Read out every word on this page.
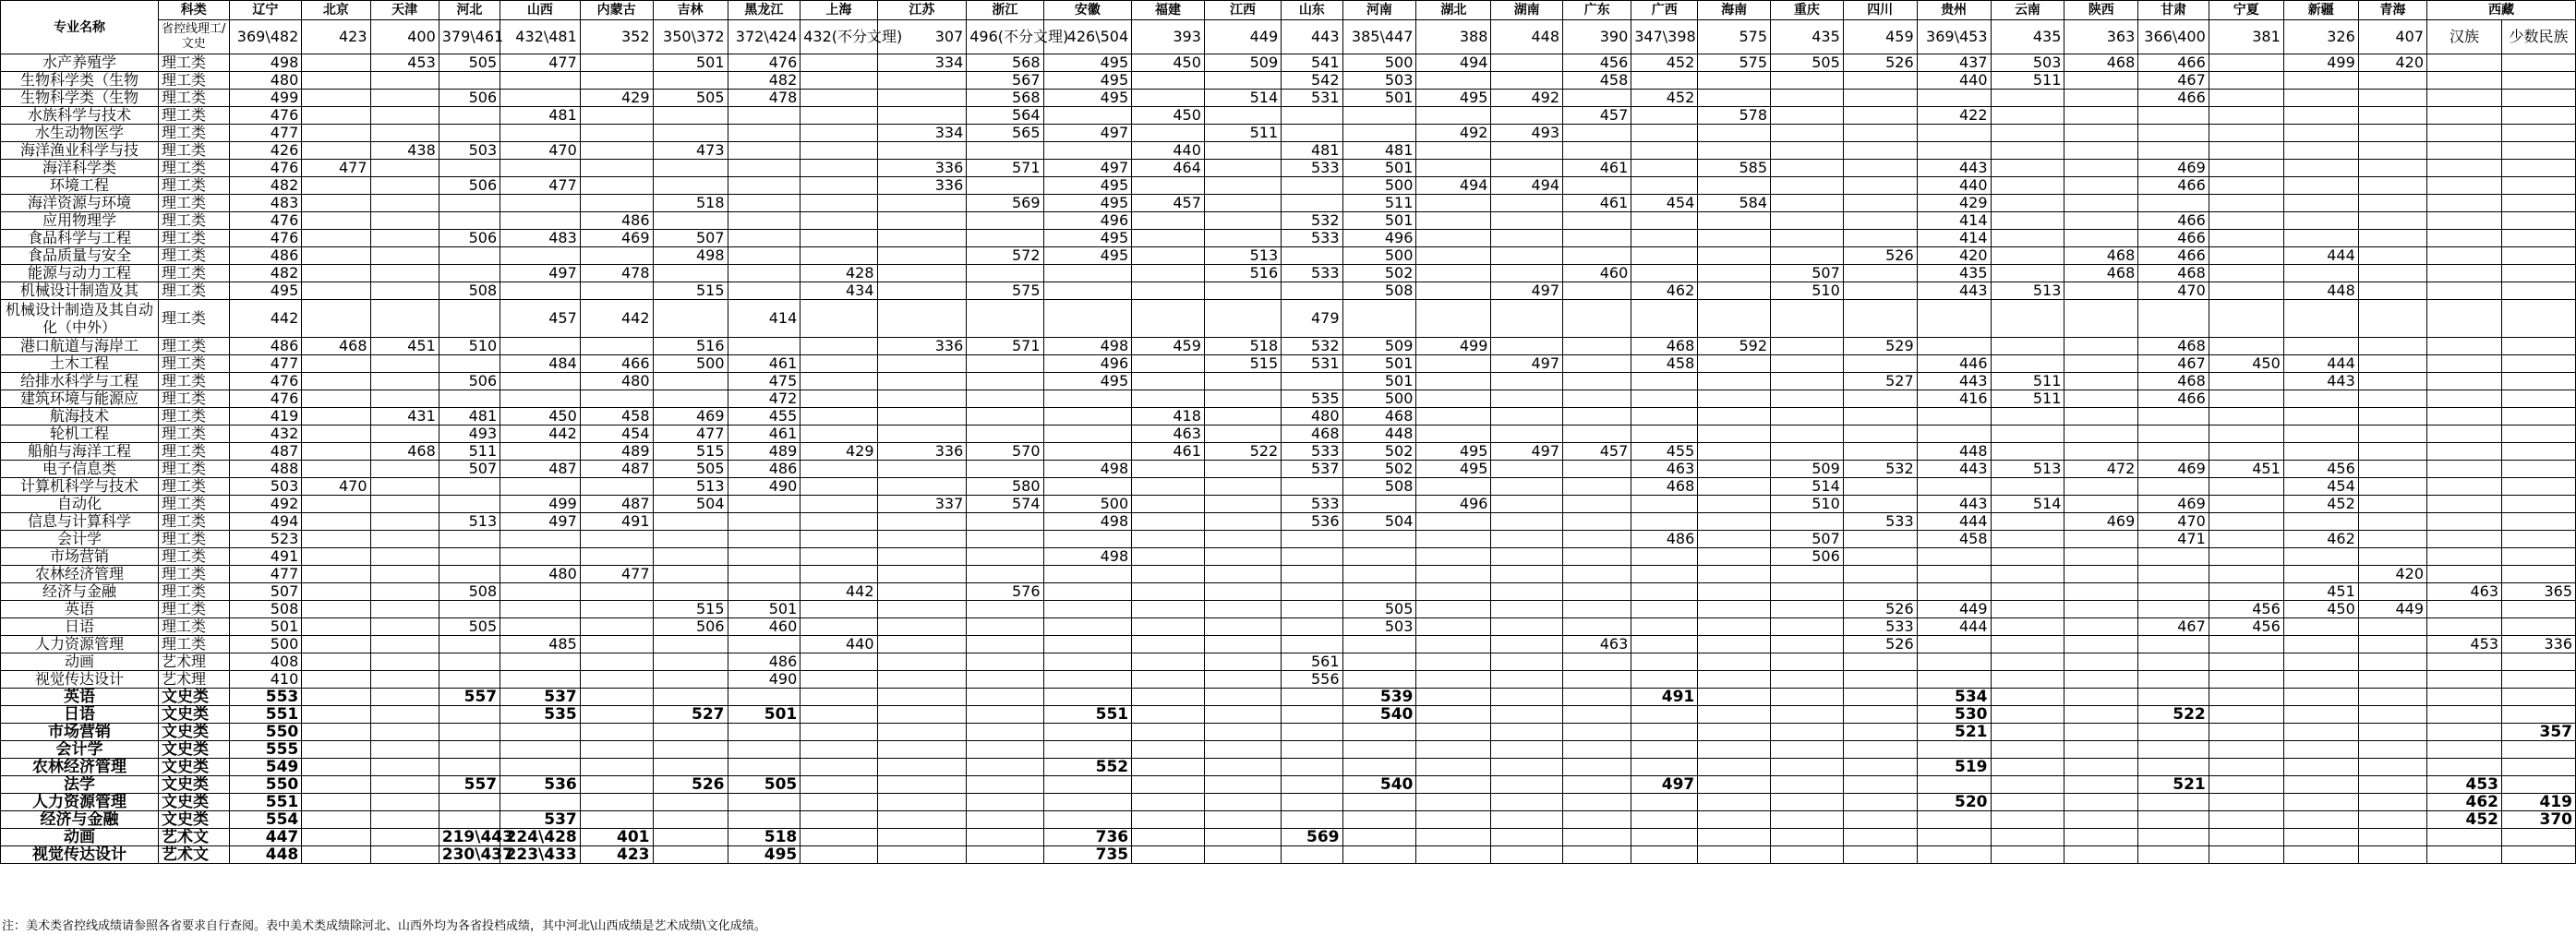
专业名称	科类	辽宁	北京	天津	河北	山西	内蒙古	吉林	黑龙江	上海	江苏	浙江	安徽	福建	江西	山东	河南	湖北	湖南	广东	广西	海南	重庆	四川	贵州	云南	陕西	甘肃	宁夏	新疆	青海	西藏	
	省控线理工/文史	369\482	423	400	379\461	432\481	352	350\372	372\424	432(不分文理)	307	496(不分文理)	426\504	393	449	443	385\447	388	448	390	347\398	575	435	459	369\453	435	363	366\400	381	326	407	汉族	少数民族
水产养殖学	理工类	498		453	505	477		501	476		334	568	495	450	509	541	500	494		456	452	575	505	526	437	503	468	466		499	420		
生物科学类（生物	理工类	480							482			567	495			542	503			458					440	511		467					
生物科学类（生物	理工类	499			506		429	505	478			568	495		514	531	501	495	492		452							466					
水族科学与技术	理工类	476				481						564		450						457		578			422								
水生动物医学	理工类	477									334	565	497		511			492	493														
海洋渔业科学与技	理工类	426		438	503	470		473						440		481	481																
海洋科学类	理工类	476	477								336	571	497	464		533	501			461		585			443			469					
环境工程	理工类	482			506	477					336		495				500	494	494						440			466					
海洋资源与环境	理工类	483						518				569	495	457			511			461	454	584			429								
应用物理学	理工类	476					486						496			532	501								414			466					
食品科学与工程	理工类	476			506	483	469	507					495			533	496								414			466					
食品质量与安全	理工类	486						498				572	495		513		500							526	420		468	466		444			
能源与动力工程	理工类	482				497	478			428					516	533	502			460			507		435		468	468					
机械设计制造及其	理工类	495			508			515		434		575					508		497		462		510		443	513		470		448			
机械设计制造及其自动化（中外）	理工类	442				457	442		414							479																	
港口航道与海岸工	理工类	486	468	451	510			516			336	571	498	459	518	532	509	499			468	592		529				468					
土木工程	理工类	477				484	466	500	461				496		515	531	501		497		458				446			467	450	444			
给排水科学与工程	理工类	476			506		480		475				495				501							527	443	511		468		443			
建筑环境与能源应	理工类	476							472							535	500								416	511		466					
航海技术	理工类	419		431	481	450	458	469	455					418		480	468																
轮机工程	理工类	432			493	442	454	477	461					463		468	448																
船舶与海洋工程	理工类	487		468	511		489	515	489	429	336	570		461	522	533	502	495	497	457	455				448								
电子信息类	理工类	488			507	487	487	505	486				498			537	502	495			463		509	532	443	513	472	469	451	456			
计算机科学与技术	理工类	503	470					513	490			580					508				468		514							454			
自动化	理工类	492				499	487	504			337	574	500			533		496					510		443	514		469		452			
信息与计算科学	理工类	494			513	497	491						498			536	504							533	444		469	470					
会计学	理工类	523																			486		507		458			471		462			
市场营销	理工类	491											498										506										
农林经济管理	理工类	477				480	477																								420		
经济与金融	理工类	507			508					442		576																		451		463	365
英语	理工类	508						515	501								505							526	449				456	450	449		
日语	理工类	501			505			506	460								503							533	444			467	456				
人力资源管理	理工类	500				485				440										463				526								453	336
动画	艺术理	408							486							561																	
视觉传达设计	艺术理	410							490							556																	
英语	文史类	553			557	537											539				491				534								
日语	文史类	551				535		527	501				551				540								530			522					
市场营销	文史类	550																							521								357
会计学	文史类	555																															
农林经济管理	文史类	549											552												519								
法学	文史类	550			557	536		526	505								540				497							521				453	
人力资源管理	文史类	551																							520							462	419
经济与金融	文史类	554				537																										452	370
动画	艺术文	447			219\443	224\428	401		518				736			569																	
视觉传达设计	艺术文	448			230\437	223\433	423		495				735																				
注：美术类省控线成绩请参照各省要求自行查阅。表中美术类成绩除河北、山西外均为各省投档成绩，其中河北\山西成绩是艺术成绩\文化成绩。
